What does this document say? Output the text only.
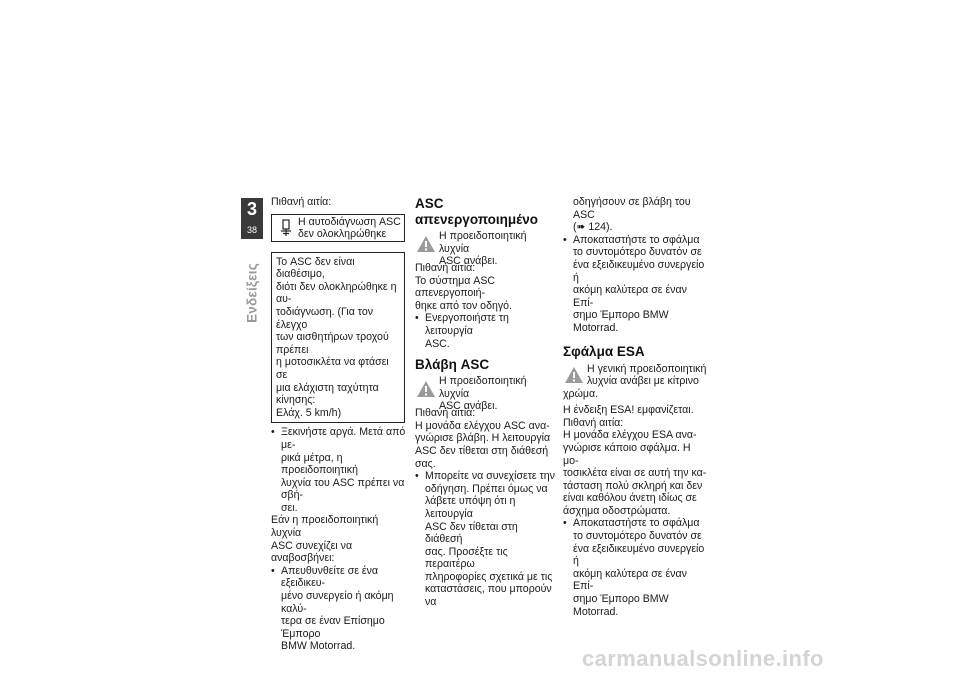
3
38
Ενδείξεις

Πιθανή αιτία:

Η αυτοδιάγνωση ASC

δεν ολοκληρώθηκε

Το ASC δεν είναι διαθέσιμο,

διότι δεν ολοκληρώθηκε η αυ-

τοδιάγνωση. (Για τον έλεγχο

των αισθητήρων τροχού πρέπει

η μοτοσικλέτα να φτάσει σε

μια ελάχιστη ταχύτητα κίνησης:

Ελάχ. 5 km/h)

• Ξεκινήστε αργά. Μετά από με-

ρικά μέτρα, η προειδοποιητική

λυχνία του ASC πρέπει να σβή-

σει.

Εάν η προειδοποιητική λυχνία

ASC συνεχίζει να αναβοσβήνει:

• Απευθυνθείτε σε ένα εξειδικευ-

μένο συνεργείο ή ακόμη καλύ-

τερα σε έναν Επίσημο Έμπορο

BMW Motorrad.

ASC απενεργοποιημένο

Η προειδοποιητική λυχνία

ASC ανάβει.

Πιθανή αιτία:

Το σύστημα ASC απενεργοποιή-

θηκε από τον οδηγό.

• Ενεργοποιήστε τη λειτουργία

ASC.

Βλάβη ASC

Η προειδοποιητική λυχνία

ASC ανάβει.

Πιθανή αιτία:

Η μονάδα ελέγχου ASC ανα-

γνώρισε βλάβη. Η λειτουργία

ASC δεν τίθεται στη διάθεσή

σας.

• Μπορείτε να συνεχίσετε την

οδήγηση. Πρέπει όμως να

λάβετε υπόψη ότι η λειτουργία

ASC δεν τίθεται στη διάθεσή

σας. Προσέξτε τις περαιτέρω

πληροφορίες σχετικά με τις

καταστάσεις, που μπορούν να

οδηγήσουν σε βλάβη του ASC

(➠ 124).

• Αποκαταστήστε το σφάλμα

το συντομότερο δυνατόν σε

ένα εξειδικευμένο συνεργείο ή

ακόμη καλύτερα σε έναν Επί-

σημο Έμπορο BMW Motorrad.

Σφάλμα ESA

Η γενική προειδοποιητική

λυχνία ανάβει με κίτρινο

χρώμα.

Η ένδειξη ESA! εμφανίζεται.

Πιθανή αιτία:

Η μονάδα ελέγχου ESA ανα-

γνώρισε κάποιο σφάλμα. Η μο-

τοσικλέτα είναι σε αυτή την κα-

τάσταση πολύ σκληρή και δεν

είναι καθόλου άνετη ιδίως σε

άσχημα οδοστρώματα.

• Αποκαταστήστε το σφάλμα

το συντομότερο δυνατόν σε

ένα εξειδικευμένο συνεργείο ή

ακόμη καλύτερα σε έναν Επί-

σημο Έμπορο BMW Motorrad.

carmanualsonline.info
